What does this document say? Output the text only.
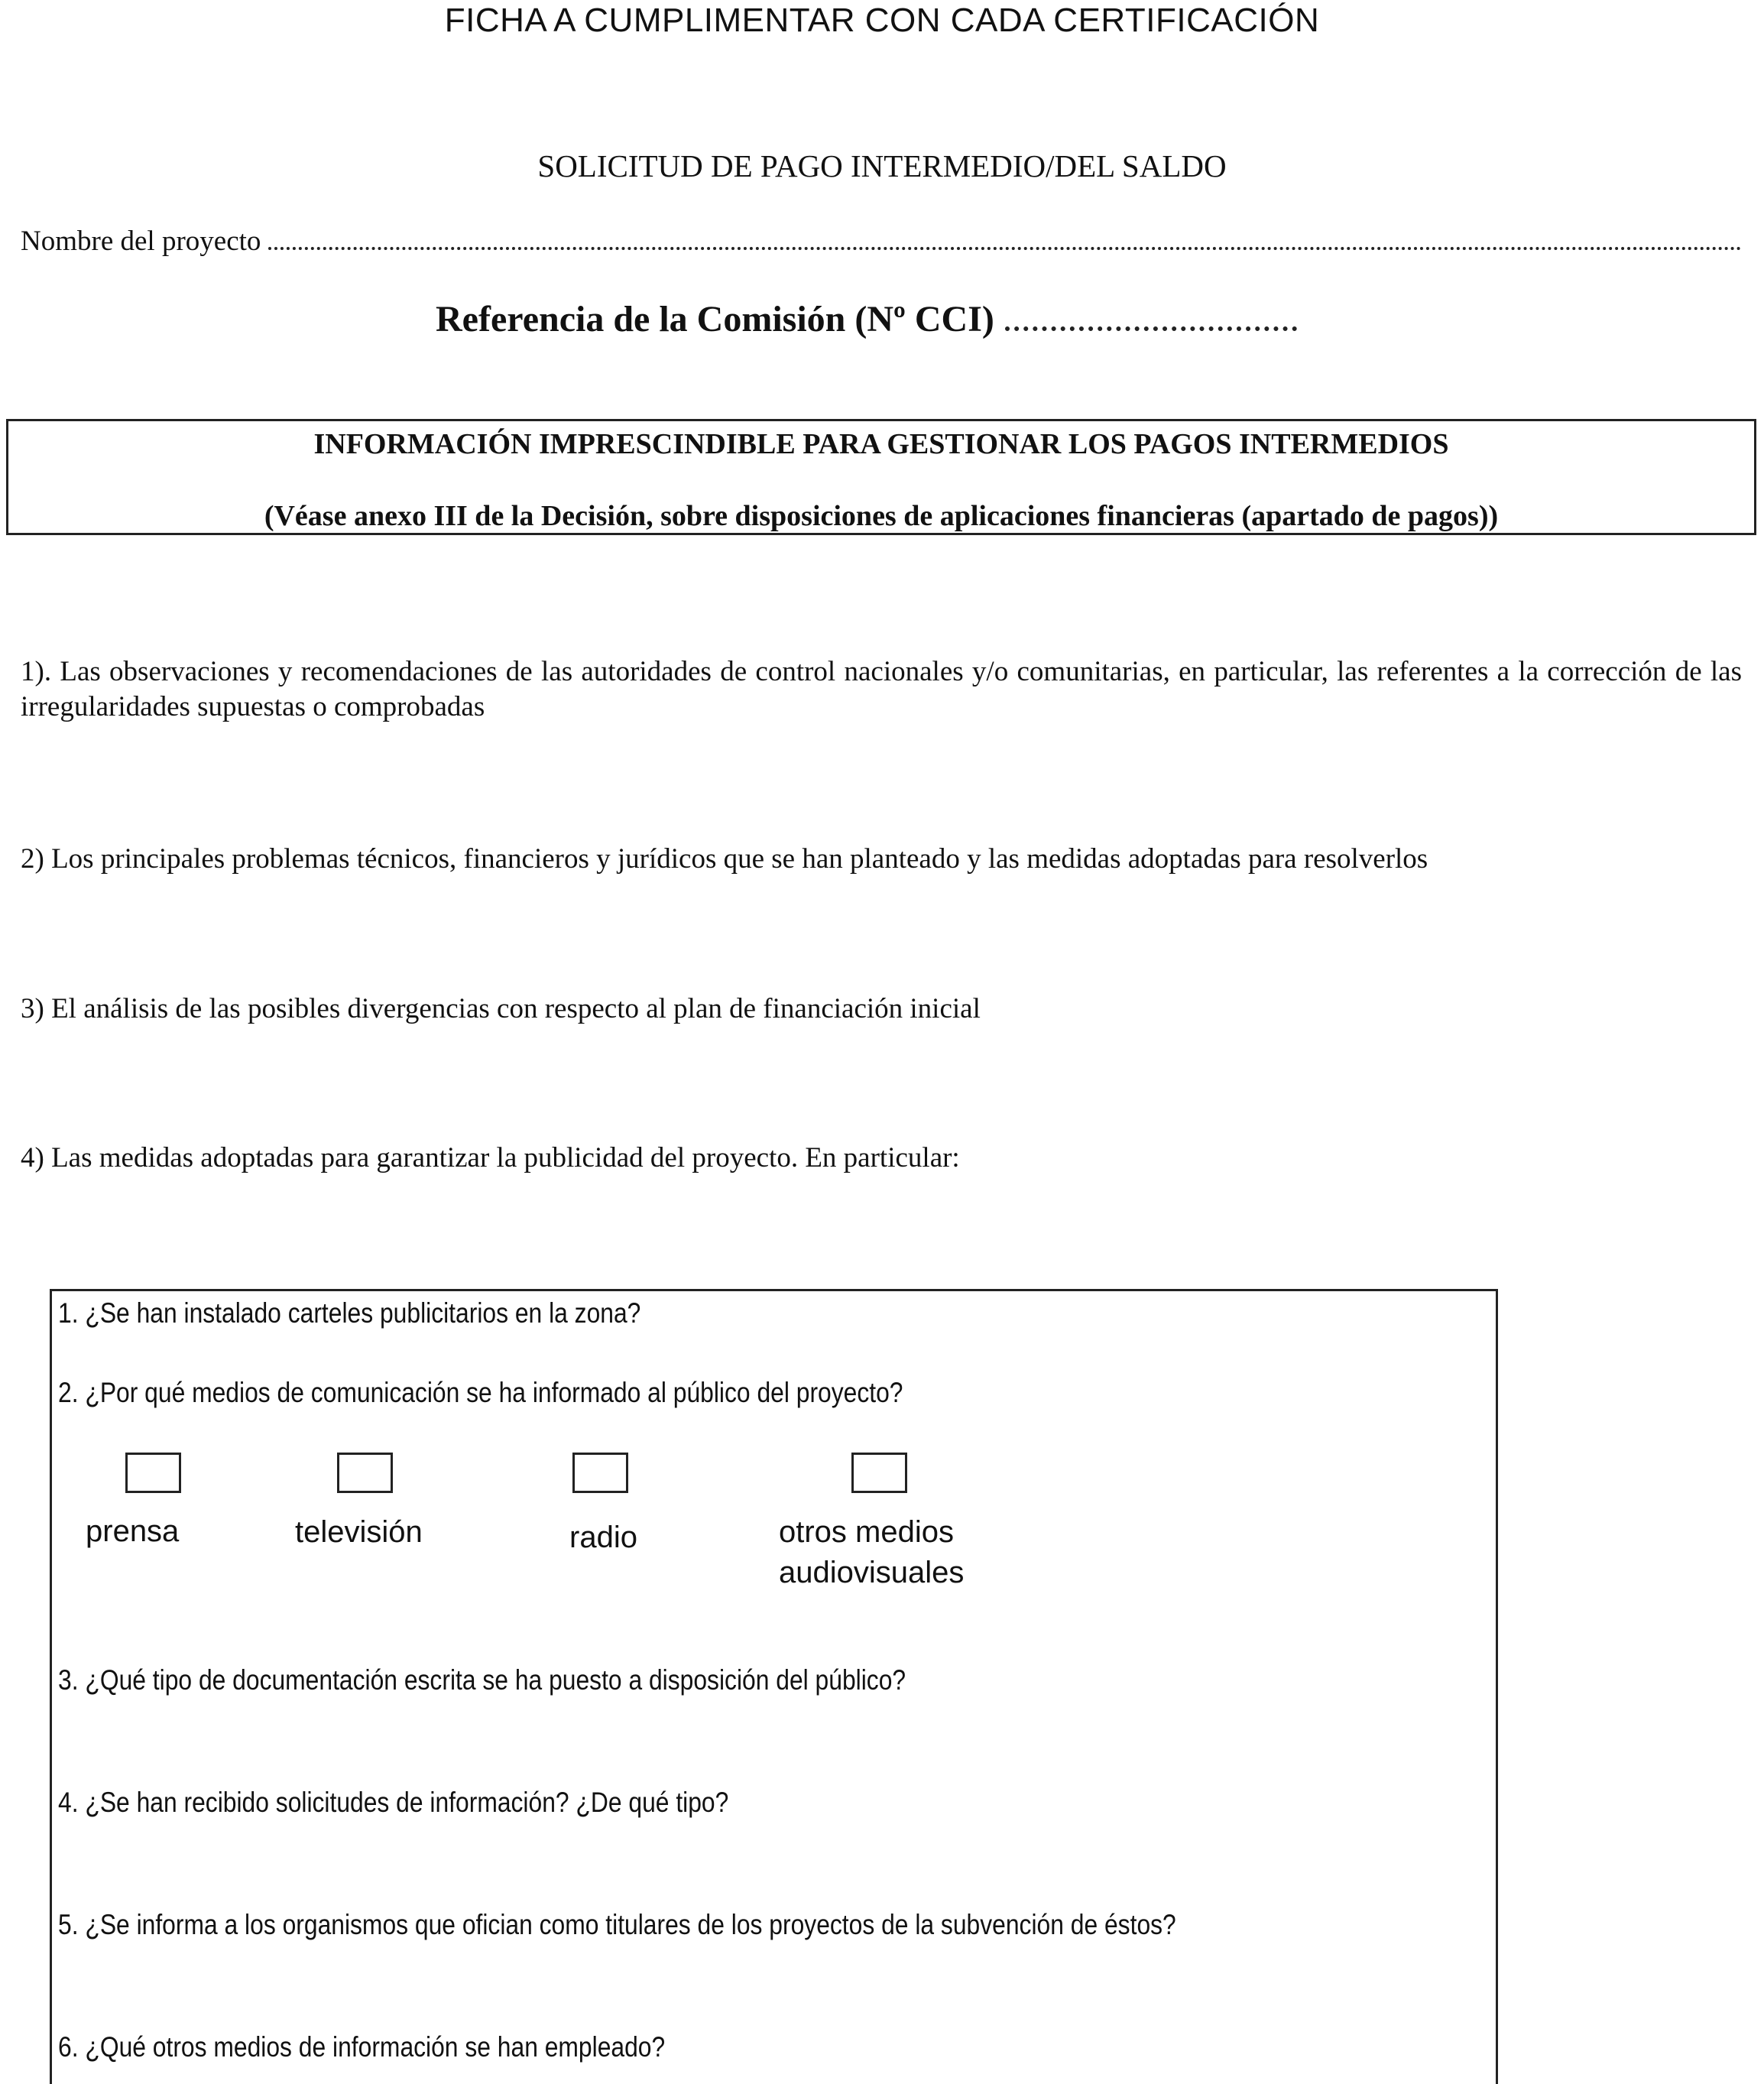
FICHA A CUMPLIMENTAR CON CADA CERTIFICACIÓN
SOLICITUD DE PAGO INTERMEDIO/DEL SALDO
Nombre del proyecto
Referencia de la Comisión (Nº CCI)
INFORMACIÓN IMPRESCINDIBLE PARA GESTIONAR LOS PAGOS INTERMEDIOS
(Véase anexo III de la Decisión, sobre disposiciones de aplicaciones financieras (apartado de pagos))
1). Las observaciones y recomendaciones de las autoridades de control nacionales y/o comunitarias, en particular, las referentes a la corrección de las irregularidades supuestas o comprobadas
2) Los principales problemas técnicos, financieros y jurídicos que se han planteado y las medidas adoptadas para resolverlos
3) El análisis de las posibles divergencias con respecto al plan de financiación inicial
4) Las medidas adoptadas para garantizar la publicidad del proyecto. En particular:
1. ¿Se han instalado carteles publicitarios en la zona?
2. ¿Por qué medios de comunicación se ha informado al público del proyecto?
prensa	televisión	radio	otros medios audiovisuales
3. ¿Qué tipo de documentación escrita se ha puesto a disposición del público?
4. ¿Se han recibido solicitudes de información? ¿De qué tipo?
5. ¿Se informa a los organismos que ofician como titulares de los proyectos de la subvención de éstos?
6. ¿Qué otros medios de información se han empleado?
